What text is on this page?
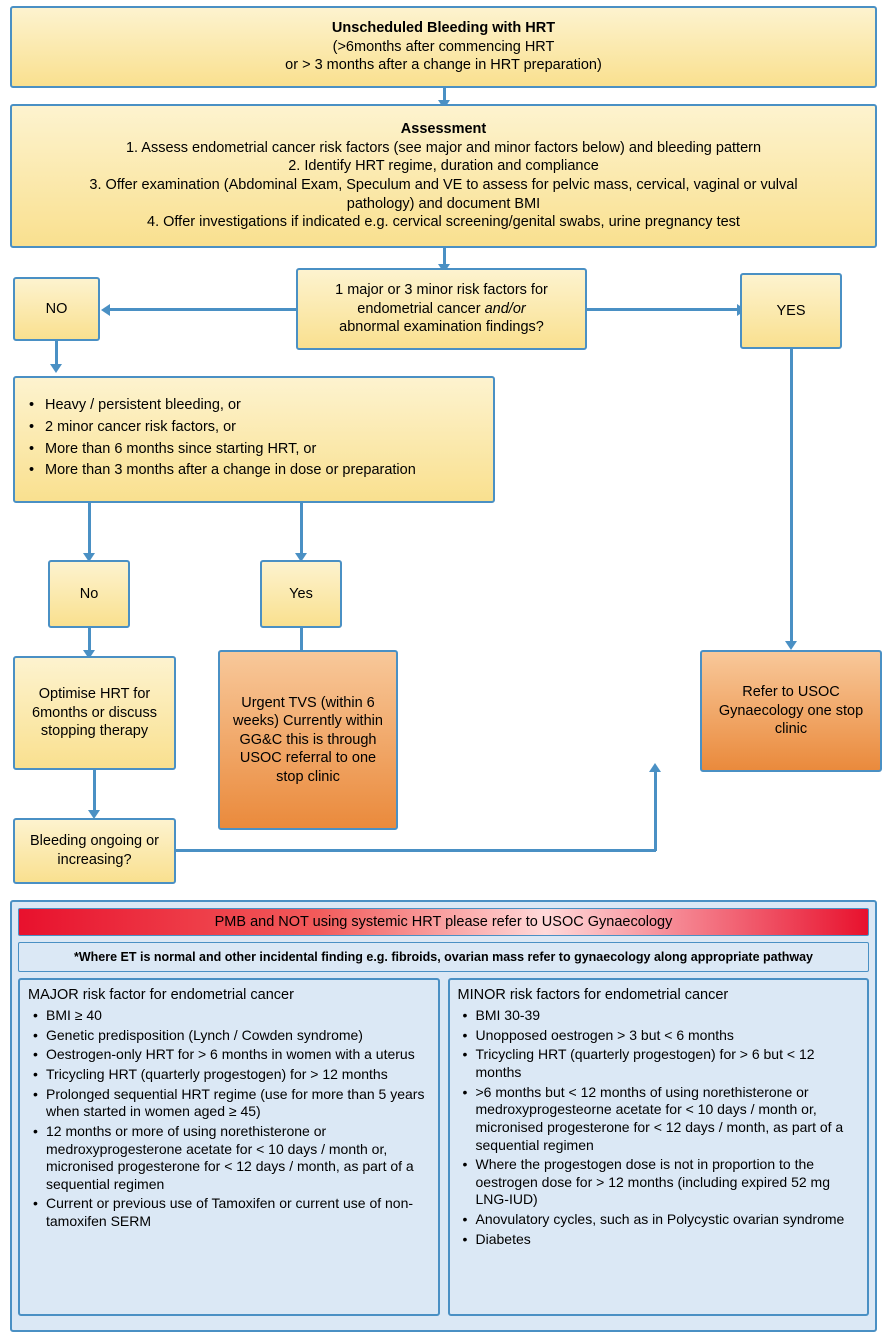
Unscheduled Bleeding with HRT
(>6months after commencing HRT
or > 3 months after a change in HRT preparation)
Assessment
1. Assess endometrial cancer risk factors (see major and minor factors below) and bleeding pattern
2. Identify HRT regime, duration and compliance
3. Offer examination (Abdominal Exam, Speculum and VE to assess for pelvic mass, cervical, vaginal or vulval pathology) and document BMI
4. Offer investigations if indicated e.g. cervical screening/genital swabs, urine pregnancy test
1 major or 3 minor risk factors for
endometrial cancer and/or
abnormal examination findings?
NO	YES
• Heavy / persistent bleeding, or
• 2 minor cancer risk factors, or
• More than 6 months since starting HRT, or
• More than 3 months after a change in dose or preparation
No	Yes
Optimise HRT for 6months or discuss stopping therapy
Urgent TVS (within 6 weeks) Currently within GG&C this is through USOC referral to one stop clinic
Bleeding ongoing or increasing?
Refer to USOC Gynaecology one stop clinic
PMB and NOT using systemic HRT please refer to USOC Gynaecology
*Where ET is normal and other incidental finding e.g. fibroids, ovarian mass refer to gynaecology along appropriate pathway
MAJOR risk factor for endometrial cancer
• BMI ≥ 40
• Genetic predisposition (Lynch / Cowden syndrome)
• Oestrogen-only HRT for > 6 months in women with a uterus
• Tricycling HRT (quarterly progestogen) for > 12 months
• Prolonged sequential HRT regime (use for more than 5 years when started in women aged ≥ 45)
• 12 months or more of using norethisterone or medroxyprogesterone acetate for < 10 days / month or, micronised progesterone for < 12 days / month, as part of a sequential regimen
• Current or previous use of Tamoxifen or current use of non-tamoxifen SERM
MINOR risk factors for endometrial cancer
• BMI 30-39
• Unopposed oestrogen > 3 but < 6 months
• Tricycling HRT (quarterly progestogen) for > 6 but < 12 months
• >6 months but < 12 months of using norethisterone or medroxyprogesteorne acetate for < 10 days / month or, micronised progesterone for < 12 days / month, as part of a sequential regimen
• Where the progestogen dose is not in proportion to the oestrogen dose for > 12 months (including expired 52 mg LNG-IUD)
• Anovulatory cycles, such as in Polycystic ovarian syndrome
• Diabetes
